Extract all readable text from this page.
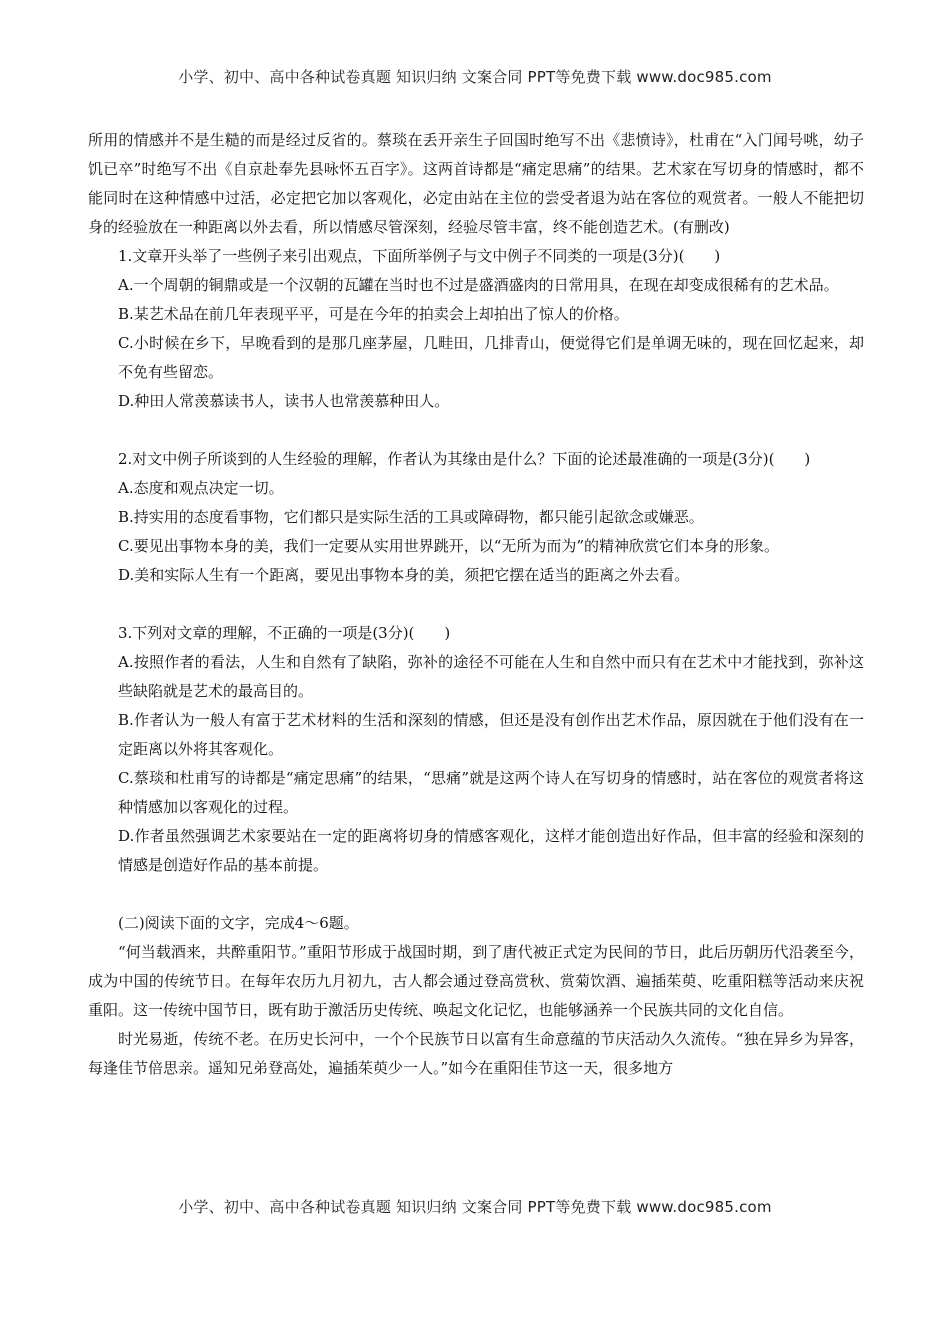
小学、初中、高中各种试卷真题 知识归纳 文案合同 PPT等免费下载 www.doc985.com

所用的情感并不是生糙的而是经过反省的。蔡琰在丢开亲生子回国时绝写不出《悲愤诗》，杜甫在“入门闻号咷，幼子饥已卒”时绝写不出《自京赴奉先县咏怀五百字》。这两首诗都是“痛定思痛”的结果。艺术家在写切身的情感时，都不能同时在这种情感中过活，必定把它加以客观化，必定由站在主位的尝受者退为站在客位的观赏者。一般人不能把切身的经验放在一种距离以外去看，所以情感尽管深刻，经验尽管丰富，终不能创造艺术。(有删改)

1.文章开头举了一些例子来引出观点，下面所举例子与文中例子不同类的一项是(3分)(　　)

A.一个周朝的铜鼎或是一个汉朝的瓦罐在当时也不过是盛酒盛肉的日常用具，在现在却变成很稀有的艺术品。

B.某艺术品在前几年表现平平，可是在今年的拍卖会上却拍出了惊人的价格。

C.小时候在乡下，早晚看到的是那几座茅屋，几畦田，几排青山，便觉得它们是单调无味的，现在回忆起来，却不免有些留恋。

D.种田人常羡慕读书人，读书人也常羡慕种田人。

2.对文中例子所谈到的人生经验的理解，作者认为其缘由是什么？下面的论述最准确的一项是(3分)(　　)

A.态度和观点决定一切。

B.持实用的态度看事物，它们都只是实际生活的工具或障碍物，都只能引起欲念或嫌恶。

C.要见出事物本身的美，我们一定要从实用世界跳开，以“无所为而为”的精神欣赏它们本身的形象。

D.美和实际人生有一个距离，要见出事物本身的美，须把它摆在适当的距离之外去看。

3.下列对文章的理解，不正确的一项是(3分)(　　)

A.按照作者的看法，人生和自然有了缺陷，弥补的途径不可能在人生和自然中而只有在艺术中才能找到，弥补这些缺陷就是艺术的最高目的。

B.作者认为一般人有富于艺术材料的生活和深刻的情感，但还是没有创作出艺术作品，原因就在于他们没有在一定距离以外将其客观化。

C.蔡琰和杜甫写的诗都是“痛定思痛”的结果，“思痛”就是这两个诗人在写切身的情感时，站在客位的观赏者将这种情感加以客观化的过程。

D.作者虽然强调艺术家要站在一定的距离将切身的情感客观化，这样才能创造出好作品，但丰富的经验和深刻的情感是创造好作品的基本前提。

(二)阅读下面的文字，完成4～6题。

“何当载酒来，共醉重阳节。”重阳节形成于战国时期，到了唐代被正式定为民间的节日，此后历朝历代沿袭至今，成为中国的传统节日。在每年农历九月初九，古人都会通过登高赏秋、赏菊饮酒、遍插茱萸、吃重阳糕等活动来庆祝重阳。这一传统中国节日，既有助于激活历史传统、唤起文化记忆，也能够涵养一个民族共同的文化自信。

时光易逝，传统不老。在历史长河中，一个个民族节日以富有生命意蕴的节庆活动久久流传。“独在异乡为异客，每逢佳节倍思亲。遥知兄弟登高处，遍插茱萸少一人。”如今在重阳佳节这一天，很多地方

小学、初中、高中各种试卷真题 知识归纳 文案合同 PPT等免费下载 www.doc985.com
